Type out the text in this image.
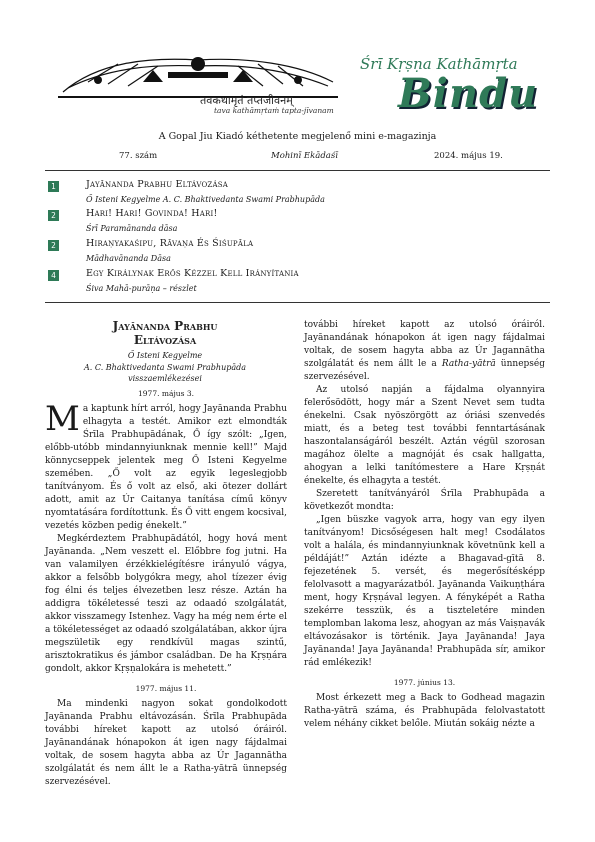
तवकथामृतं तप्तजीवनम्
tava kathāmṛtaṁ tapta-jīvanam
Śrī Kṛṣṇa Kathāmṛta
Bindu
A Gopal Jiu Kiadó kéthetente megjelenő mini e-magazinja
77. szám	Mohinī Ekādaśī	2024. május 19.
1	Jayānanda Prabhu Eltávozása
Ő Isteni Kegyelme A. C. Bhaktivedanta Swami Prabhupāda
2	Hari! Hari! Govinda! Hari!
Śrī Paramānanda dāsa
2	Hiraṇyakaśipu, Rāvaṇa És Śiśupāla
Mādhavānanda Dāsa
4	Egy Királynak Erős Kézzel Kell Irányítania
Śiva Mahā-purāṇa – részlet
Jayānanda Prabhu
Eltávozása
Ő Isteni Kegyelme
A. C. Bhaktivedanta Swami Prabhupāda
visszaemlékezései
1977. május 3.

Ma kaptunk hírt arról, hogy Jayānanda Prabhu elhagyta a testét. Amikor ezt elmondták Śrīla Prabhupādának, Ő így szólt: „Igen, előbb-utóbb mindannyiunknak mennie kell!” Majd könnycseppek jelentek meg Ő Isteni Kegyelme szemében. „Ő volt az egyik legeslegjobb tanítványom. És ő volt az első, aki ötezer dollárt adott, amit az Úr Caitanya tanítása című könyv nyomtatására fordítottunk. És Ő vitt engem kocsival, vezetés közben pedig énekelt.”

Megkérdeztem Prabhupādától, hogy hová ment Jayānanda. „Nem veszett el. Előbbre fog jutni. Ha van valamilyen érzékkielégítésre irányuló vágya, akkor a felsőbb bolygókra megy, ahol tízezer évig fog élni és teljes élvezetben lesz része. Aztán ha addigra tökéletessé teszi az odaadó szolgálatát, akkor visszamegy Istenhez. Vagy ha még nem érte el a tökéletességet az odaadó szolgálatában, akkor újra megszületik egy rendkívül magas szintű, arisztokratikus és jámbor családban. De ha Kṛṣṇára gondolt, akkor Kṛṣṇalokára is mehetett.”

1977. május 11.

Ma mindenki nagyon sokat gondolkodott Jayānanda Prabhu eltávozásán. Śrīla Prabhupāda további híreket kapott az utolsó óráiról. Jayānandának hónapokon át igen nagy fájdalmai voltak, de sosem hagyta abba az Úr Jagannātha szolgálatát és nem állt le a Ratha-yātrā ünnepség szervezésével.

további híreket kapott az utolsó óráiról. Jayānandának hónapokon át igen nagy fájdalmai voltak, de sosem hagyta abba az Úr Jagannātha szolgálatát és nem állt le a Ratha-yātrā ünnepség szervezésével.

Az utolsó napján a fájdalma olyannyira felerősödött, hogy már a Szent Nevet sem tudta énekelni. Csak nyöszörgött az óriási szenvedés miatt, és a beteg test további fenntartásának haszontalanságáról beszélt. Aztán végül szorosan magához ölelte a magnóját és csak hallgatta, ahogyan a lelki tanítómestere a Hare Kṛṣṇát énekelte, és elhagyta a testét.

Szeretett tanítványáról Śrīla Prabhupāda a következőt mondta:

„Igen büszke vagyok arra, hogy van egy ilyen tanítványom! Dicsőségesen halt meg! Csodálatos volt a halála, és mindannyiunknak követnünk kell a példáját!” Aztán idézte a Bhagavad-gītā 8. fejezetének 5. versét, és megerősítésképp felolvasott a magyarázatból. Jayānanda Vaikuṇṭhára ment, hogy Kṛṣṇával legyen. A fényképét a Ratha szekérre tesszük, és a tiszteletére minden templomban lakoma lesz, ahogyan az más Vaiṣṇavák eltávozásakor is történik. Jaya Jayānanda! Jaya Jayānanda! Jaya Jayānanda! Prabhupāda sír, amikor rád emlékezik!

1977. június 13.

Most érkezett meg a Back to Godhead magazin Ratha-yātrā száma, és Prabhupāda felolvastatott velem néhány cikket belőle. Miután sokáig nézte a
